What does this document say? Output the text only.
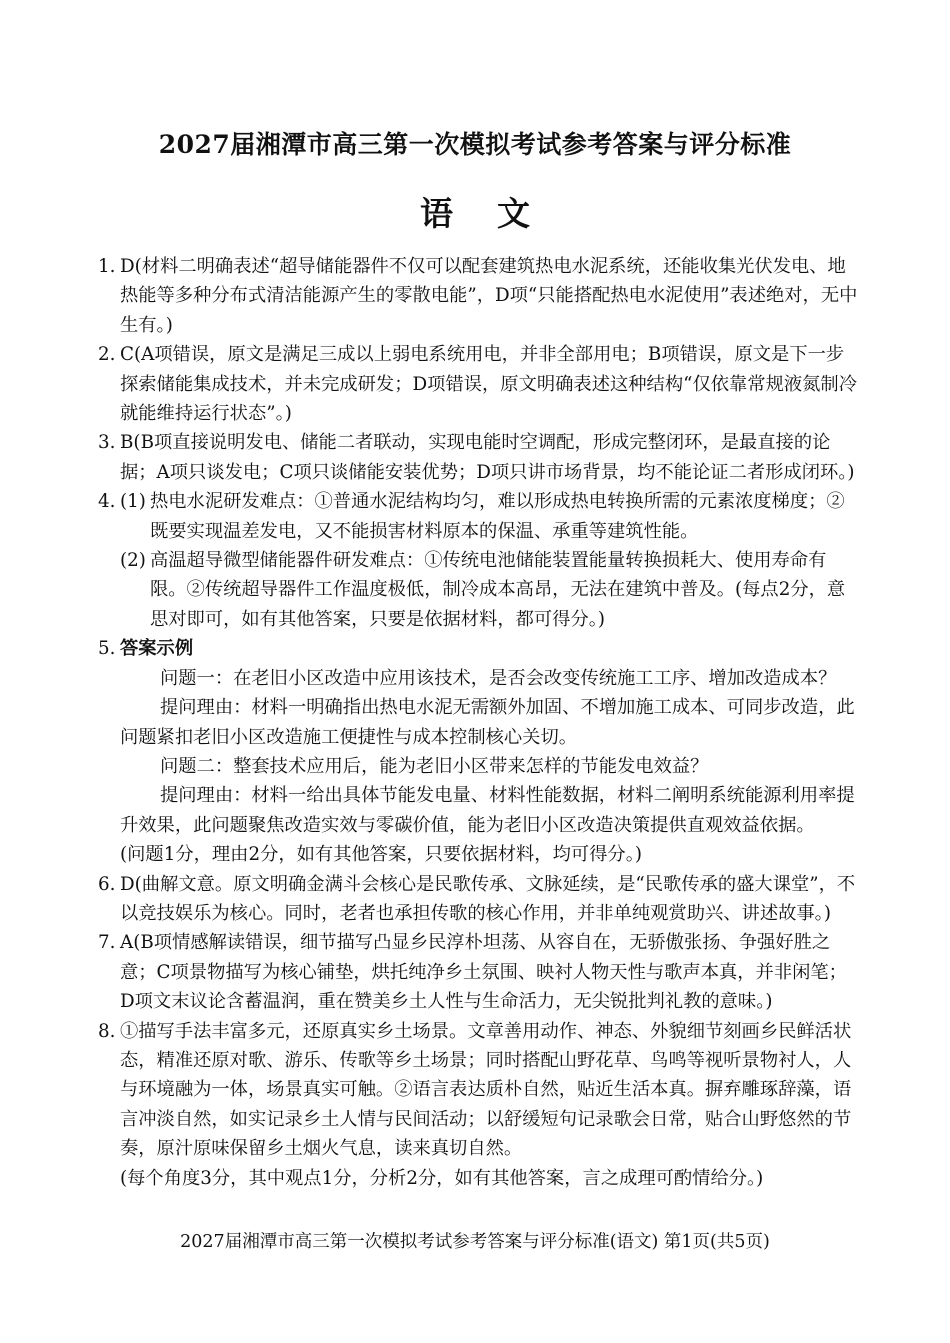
2027届湘潭市高三第一次模拟考试参考答案与评分标准
语文
1. D(材料二明确表述“超导储能器件不仅可以配套建筑热电水泥系统，还能收集光伏发电、地热能等多种分布式清洁能源产生的零散电能”，D项“只能搭配热电水泥使用”表述绝对，无中生有。)
2. C(A项错误，原文是满足三成以上弱电系统用电，并非全部用电；B项错误，原文是下一步探索储能集成技术，并未完成研发；D项错误，原文明确表述这种结构“仅依靠常规液氮制冷就能维持运行状态”。)
3. B(B项直接说明发电、储能二者联动，实现电能时空调配，形成完整闭环，是最直接的论据；A项只谈发电；C项只谈储能安装优势；D项只讲市场背景，均不能论证二者形成闭环。)
4. (1) 热电水泥研发难点：①普通水泥结构均匀，难以形成热电转换所需的元素浓度梯度；②既要实现温差发电，又不能损害材料原本的保温、承重等建筑性能。
(2) 高温超导微型储能器件研发难点：①传统电池储能装置能量转换损耗大、使用寿命有限。②传统超导器件工作温度极低，制冷成本高昂，无法在建筑中普及。(每点2分，意思对即可，如有其他答案，只要是依据材料，都可得分。)
5. 答案示例
问题一：在老旧小区改造中应用该技术，是否会改变传统施工工序、增加改造成本？
提问理由：材料一明确指出热电水泥无需额外加固、不增加施工成本、可同步改造，此问题紧扣老旧小区改造施工便捷性与成本控制核心关切。
问题二：整套技术应用后，能为老旧小区带来怎样的节能发电效益？
提问理由：材料一给出具体节能发电量、材料性能数据，材料二阐明系统能源利用率提升效果，此问题聚焦改造实效与零碳价值，能为老旧小区改造决策提供直观效益依据。
(问题1分，理由2分，如有其他答案，只要依据材料，均可得分。)
6. D(曲解文意。原文明确金满斗会核心是民歌传承、文脉延续，是“民歌传承的盛大课堂”，不以竞技娱乐为核心。同时，老者也承担传歌的核心作用，并非单纯观赏助兴、讲述故事。)
7. A(B项情感解读错误，细节描写凸显乡民淳朴坦荡、从容自在，无骄傲张扬、争强好胜之意；C项景物描写为核心铺垫，烘托纯净乡土氛围、映衬人物天性与歌声本真，并非闲笔；D项文末议论含蓄温润，重在赞美乡土人性与生命活力，无尖锐批判礼教的意味。)
8. ①描写手法丰富多元，还原真实乡土场景。文章善用动作、神态、外貌细节刻画乡民鲜活状态，精准还原对歌、游乐、传歌等乡土场景；同时搭配山野花草、鸟鸣等视听景物衬人，人与环境融为一体，场景真实可触。②语言表达质朴自然，贴近生活本真。摒弃雕琢辞藻，语言冲淡自然，如实记录乡土人情与民间活动；以舒缓短句记录歌会日常，贴合山野悠然的节奏，原汁原味保留乡土烟火气息，读来真切自然。
(每个角度3分，其中观点1分，分析2分，如有其他答案，言之成理可酌情给分。)
2027届湘潭市高三第一次模拟考试参考答案与评分标准(语文) 第1页(共5页)
